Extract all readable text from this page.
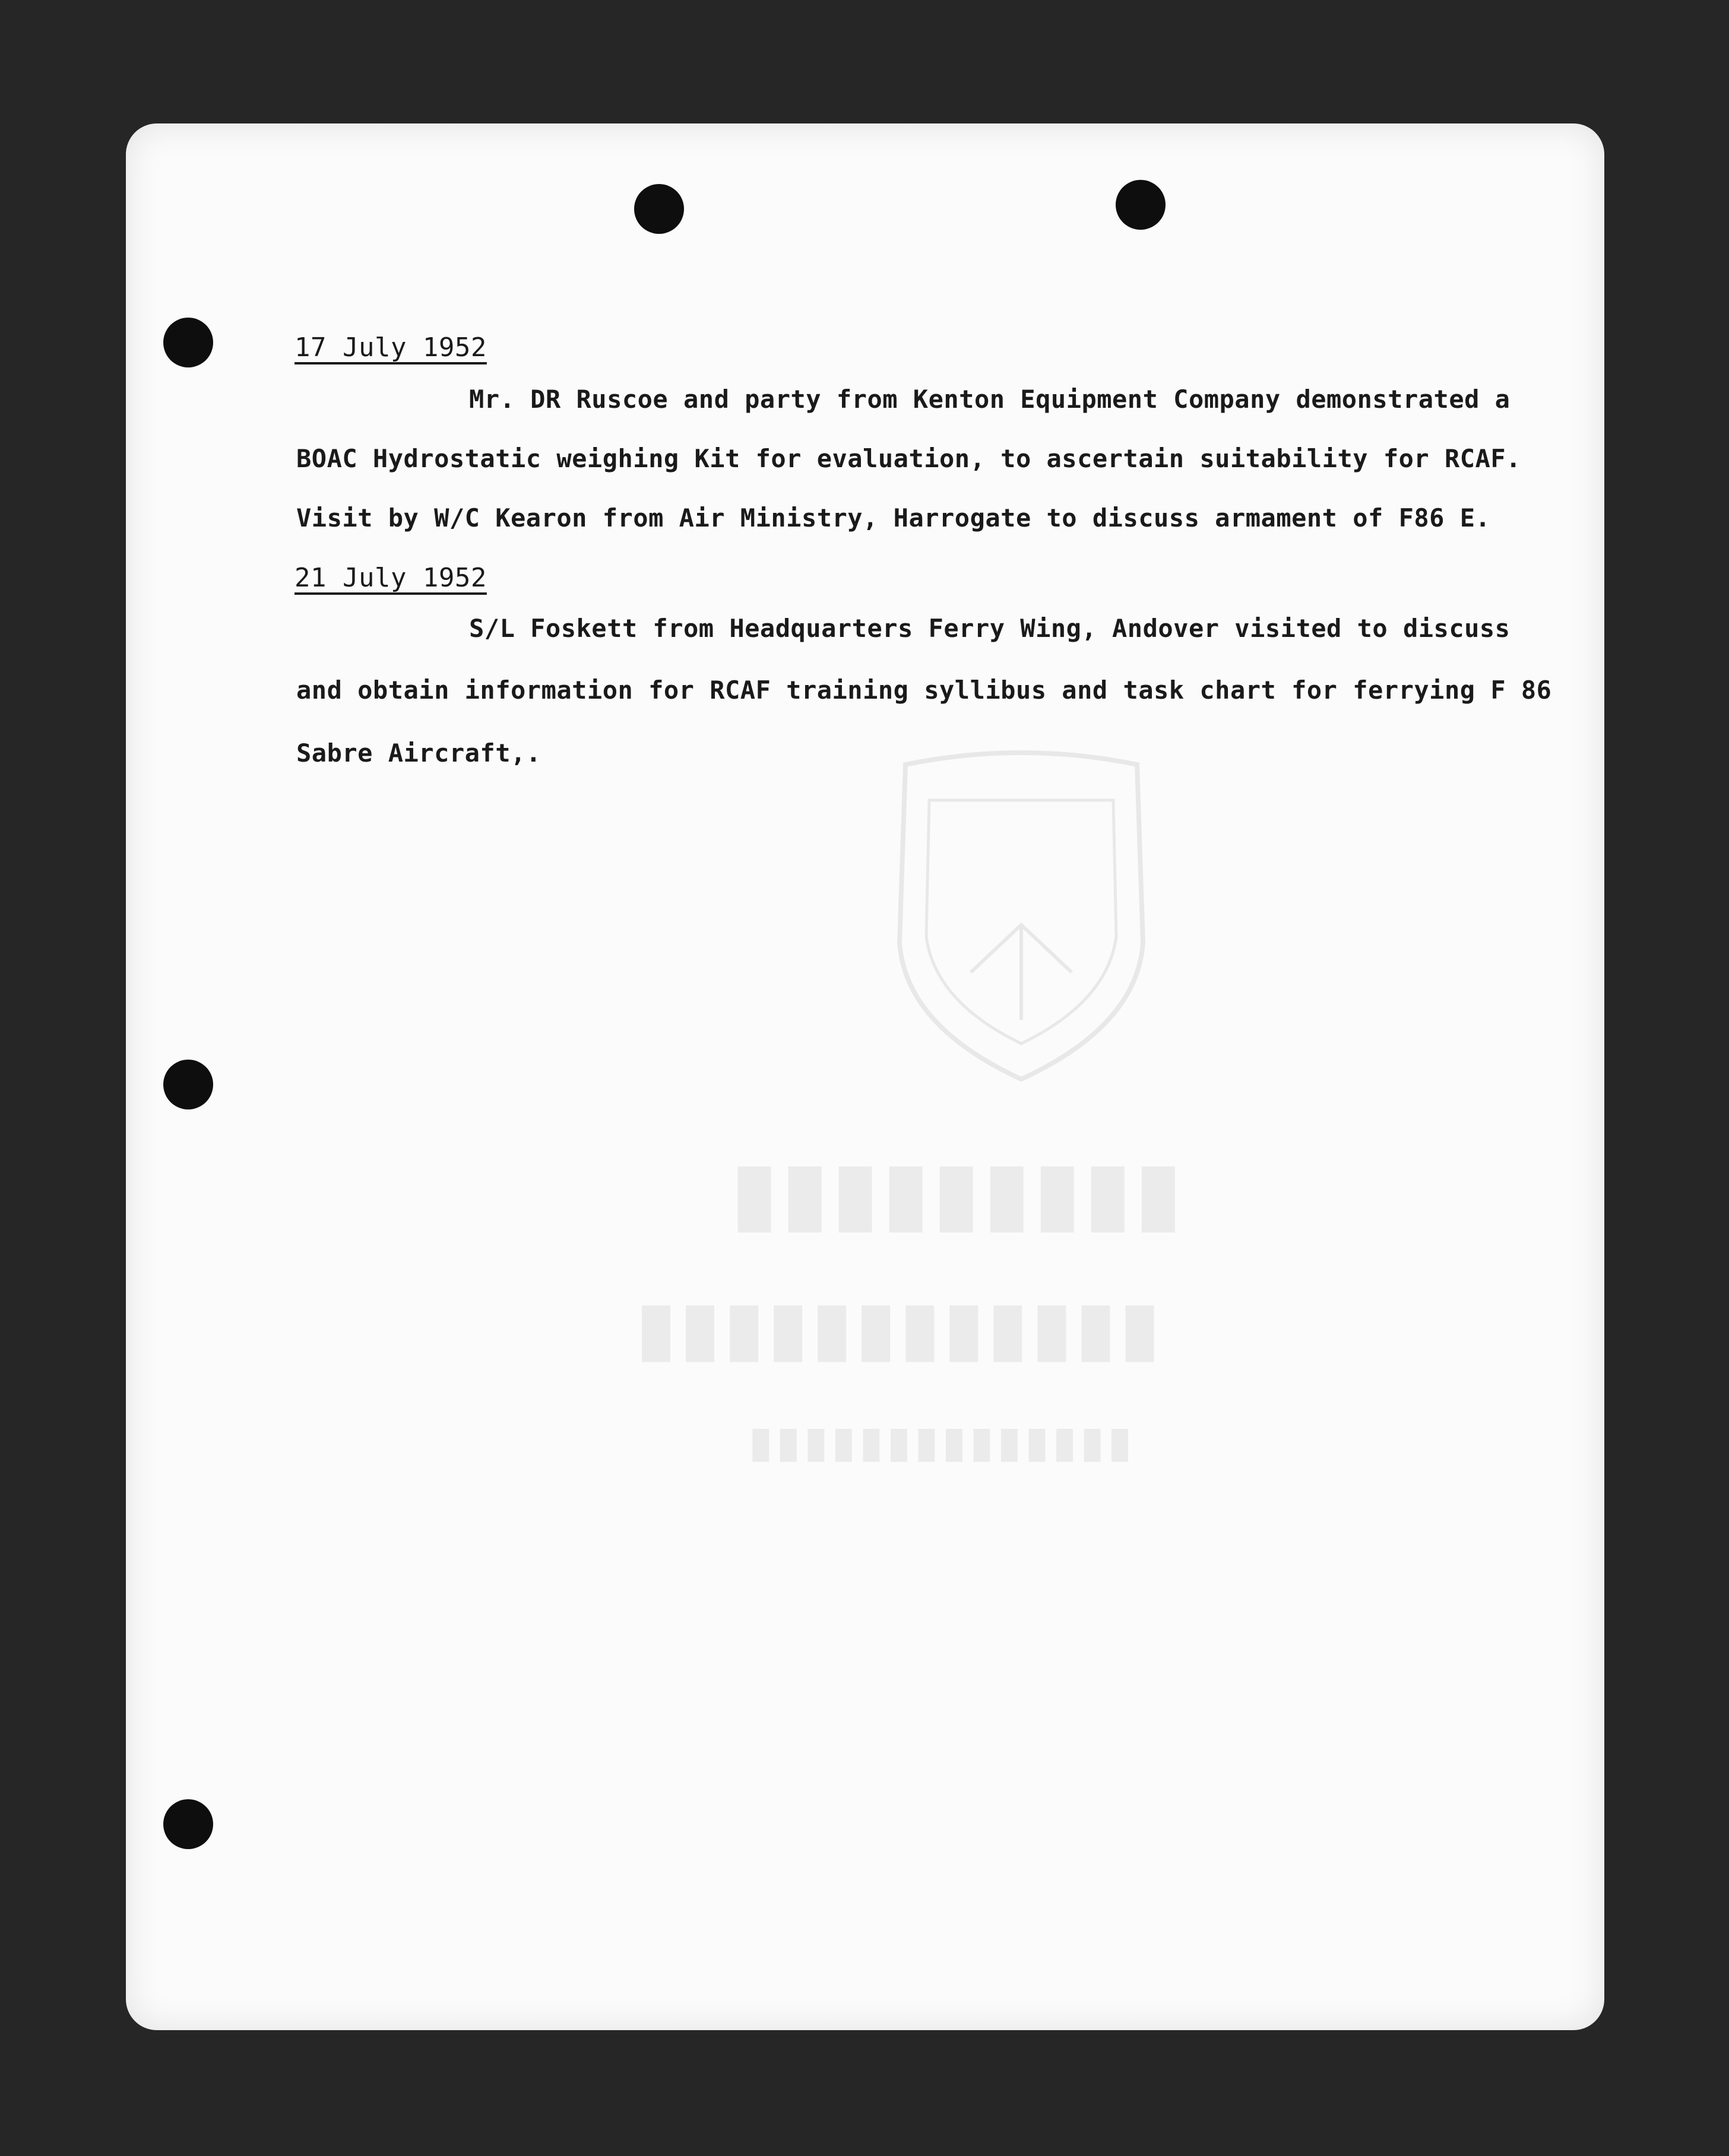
▮▮▮▮▮▮▮▮▮
▮▮▮▮▮▮▮▮▮▮▮▮
▮▮▮▮▮▮▮▮▮▮▮▮▮▮
17 July 1952
Mr. DR Ruscoe and party from Kenton Equipment Company demonstrated a
BOAC Hydrostatic weighing Kit for evaluation, to ascertain suitability for RCAF.
Visit by W/C Kearon from Air Ministry, Harrogate to discuss armament of F86 E.
21 July 1952
S/L Foskett from Headquarters Ferry Wing, Andover visited to discuss
and obtain information for RCAF training syllibus and task chart for ferrying F 86
Sabre Aircraft,.
